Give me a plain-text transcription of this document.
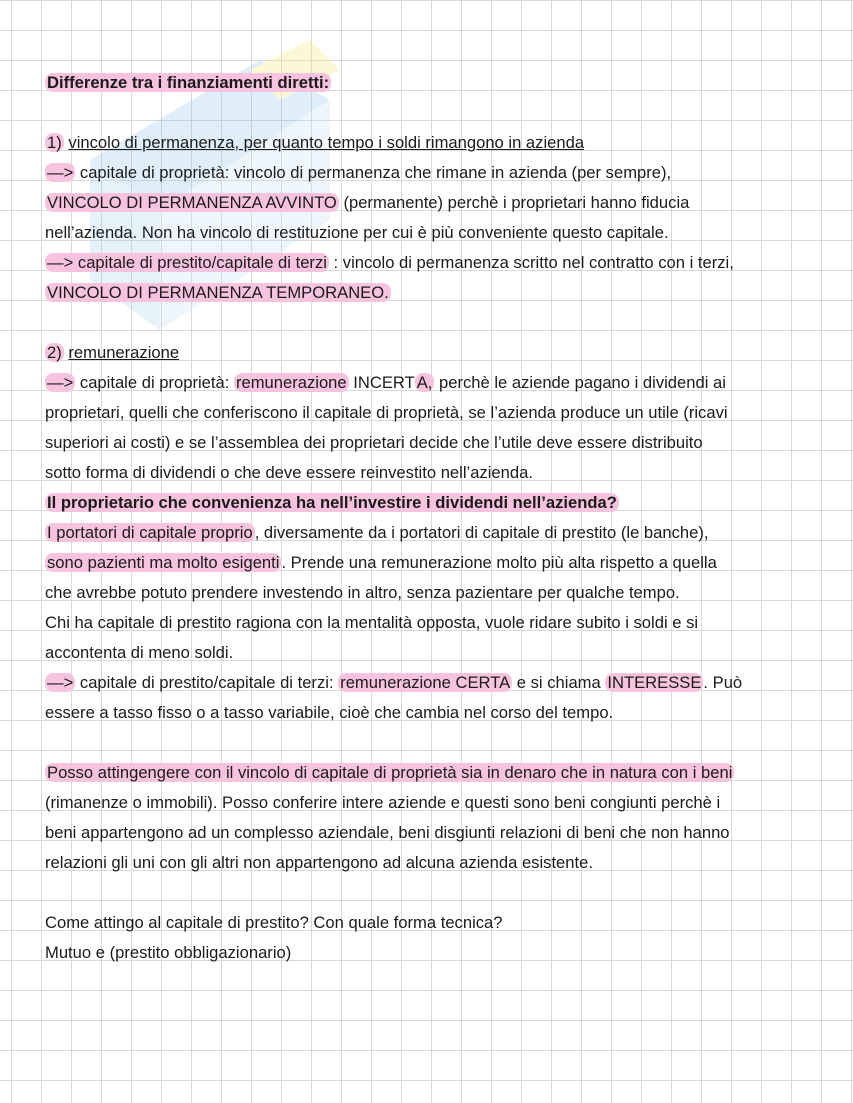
Differenze tra i finanziamenti diretti:
1) vincolo di permanenza, per quanto tempo i soldi rimangono in azienda
—> capitale di proprietà: vincolo di permanenza che rimane in azienda (per sempre),
VINCOLO DI PERMANENZA AVVINTO (permanente) perchè i proprietari hanno fiducia
nell’azienda. Non ha vincolo di restituzione per cui è più conveniente questo capitale.
—> capitale di prestito/capitale di terzi : vincolo di permanenza scritto nel contratto con i terzi,
VINCOLO DI PERMANENZA TEMPORANEO.
2) remunerazione
—> capitale di proprietà: remunerazione INCERT A, perchè le aziende pagano i dividendi ai
proprietari, quelli che conferiscono il capitale di proprietà, se l’azienda produce un utile (ricavi
superiori ai costi) e se l’assemblea dei proprietari decide che l’utile deve essere distribuito
sotto forma di dividendi o che deve essere reinvestito nell’azienda.
Il proprietario che convenienza ha nell’investire i dividendi nell’azienda?
I portatori di capitale proprio , diversamente da i portatori di capitale di prestito (le banche),
sono pazienti ma molto esigenti . Prende una remunerazione molto più alta rispetto a quella
che avrebbe potuto prendere investendo in altro, senza pazientare per qualche tempo.
Chi ha capitale di prestito ragiona con la mentalità opposta, vuole ridare subito i soldi e si
accontenta di meno soldi.
—> capitale di prestito/capitale di terzi: remunerazione CERTA e si chiama INTERESSE . Può
essere a tasso fisso o a tasso variabile, cioè che cambia nel corso del tempo.
Posso attingengere con il vincolo di capitale di proprietà sia in denaro che in natura con i beni
(rimanenze o immobili). Posso conferire intere aziende e questi sono beni congiunti perchè i
beni appartengono ad un complesso aziendale, beni disgiunti relazioni di beni che non hanno
relazioni gli uni con gli altri non appartengono ad alcuna azienda esistente.
Come attingo al capitale di prestito? Con quale forma tecnica?
Mutuo e (prestito obbligazionario)
